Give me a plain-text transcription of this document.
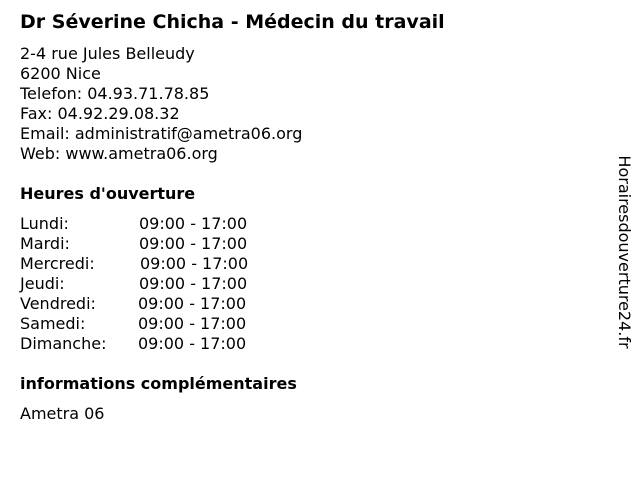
Dr Séverine Chicha - Médecin du travail
2-4 rue Jules Belleudy
6200 Nice
Telefon: 04.93.71.78.85
Fax: 04.92.29.08.32
Email: administratif@ametra06.org
Web: www.ametra06.org
Heures d'ouverture
Lundi:	09:00 - 17:00
Mardi:	09:00 - 17:00
Mercredi:	09:00 - 17:00
Jeudi:	09:00 - 17:00
Vendredi:	09:00 - 17:00
Samedi:	09:00 - 17:00
Dimanche: 09:00 - 17:00
informations complémentaires
Ametra 06
Horairesdouverture24.fr
